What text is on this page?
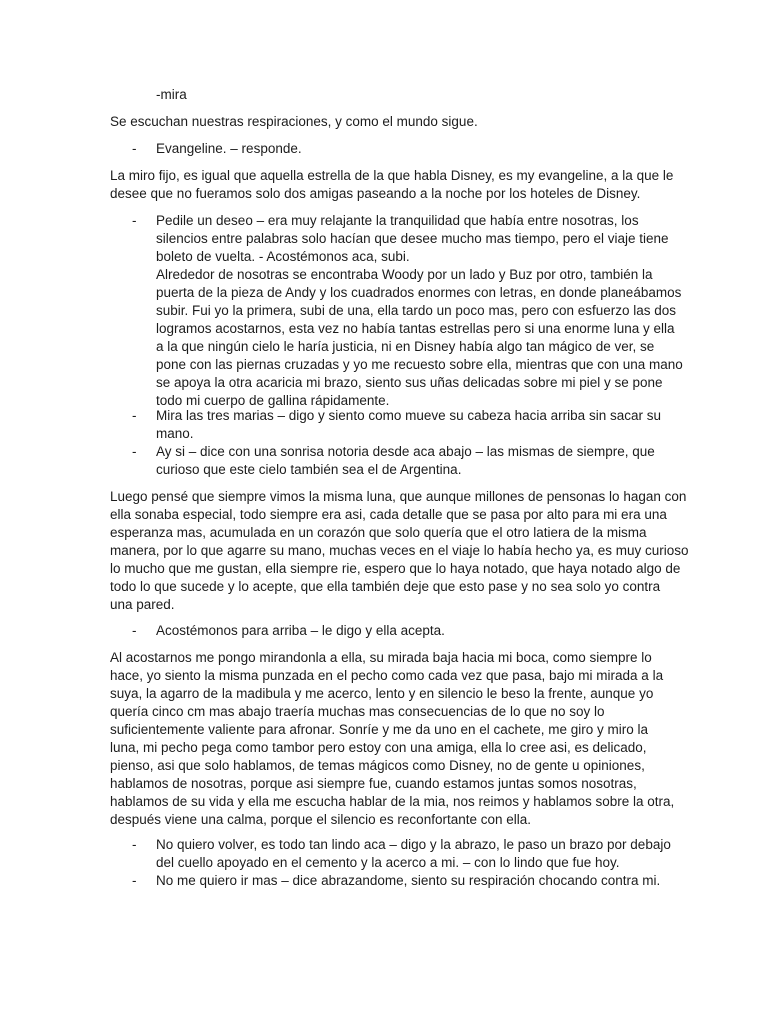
-mira
Se escuchan nuestras respiraciones, y como el mundo sigue.
- Evangeline. – responde.
La miro fijo, es igual que aquella estrella de la que habla Disney, es my evangeline, a la que le
desee que no fueramos solo dos amigas paseando a la noche por los hoteles de Disney.
- Pedile un deseo – era muy relajante la tranquilidad que había entre nosotras, los
silencios entre palabras solo hacían que desee mucho mas tiempo, pero el viaje tiene
boleto de vuelta. - Acostémonos aca, subi.
Alrededor de nosotras se encontraba Woody por un lado y Buz por otro, también la
puerta de la pieza de Andy y los cuadrados enormes con letras, en donde planeábamos
subir. Fui yo la primera, subi de una, ella tardo un poco mas, pero con esfuerzo las dos
logramos acostarnos, esta vez no había tantas estrellas pero si una enorme luna y ella
a la que ningún cielo le haría justicia, ni en Disney había algo tan mágico de ver, se
pone con las piernas cruzadas y yo me recuesto sobre ella, mientras que con una mano
se apoya la otra acaricia mi brazo, siento sus uñas delicadas sobre mi piel y se pone
todo mi cuerpo de gallina rápidamente.
- Mira las tres marias – digo y siento como mueve su cabeza hacia arriba sin sacar su
mano.
- Ay si – dice con una sonrisa notoria desde aca abajo – las mismas de siempre, que
curioso que este cielo también sea el de Argentina.
Luego pensé que siempre vimos la misma luna, que aunque millones de pensonas lo hagan con
ella sonaba especial, todo siempre era asi, cada detalle que se pasa por alto para mi era una
esperanza mas, acumulada en un corazón que solo quería que el otro latiera de la misma
manera, por lo que agarre su mano, muchas veces en el viaje lo había hecho ya, es muy curioso
lo mucho que me gustan, ella siempre rie, espero que lo haya notado, que haya notado algo de
todo lo que sucede y lo acepte, que ella también deje que esto pase y no sea solo yo contra
una pared.
- Acostémonos para arriba – le digo y ella acepta.
Al acostarnos me pongo mirandonla a ella, su mirada baja hacia mi boca, como siempre lo
hace, yo siento la misma punzada en el pecho como cada vez que pasa, bajo mi mirada a la
suya, la agarro de la madibula y me acerco, lento y en silencio le beso la frente, aunque yo
quería cinco cm mas abajo traería muchas mas consecuencias de lo que no soy lo
suficientemente valiente para afronar. Sonríe y me da uno en el cachete, me giro y miro la
luna, mi pecho pega como tambor pero estoy con una amiga, ella lo cree asi, es delicado,
pienso, asi que solo hablamos, de temas mágicos como Disney, no de gente u opiniones,
hablamos de nosotras, porque asi siempre fue, cuando estamos juntas somos nosotras,
hablamos de su vida y ella me escucha hablar de la mia, nos reimos y hablamos sobre la otra,
después viene una calma, porque el silencio es reconfortante con ella.
- No quiero volver, es todo tan lindo aca – digo y la abrazo, le paso un brazo por debajo
del cuello apoyado en el cemento y la acerco a mi. – con lo lindo que fue hoy.
- No me quiero ir mas – dice abrazandome, siento su respiración chocando contra mi.
